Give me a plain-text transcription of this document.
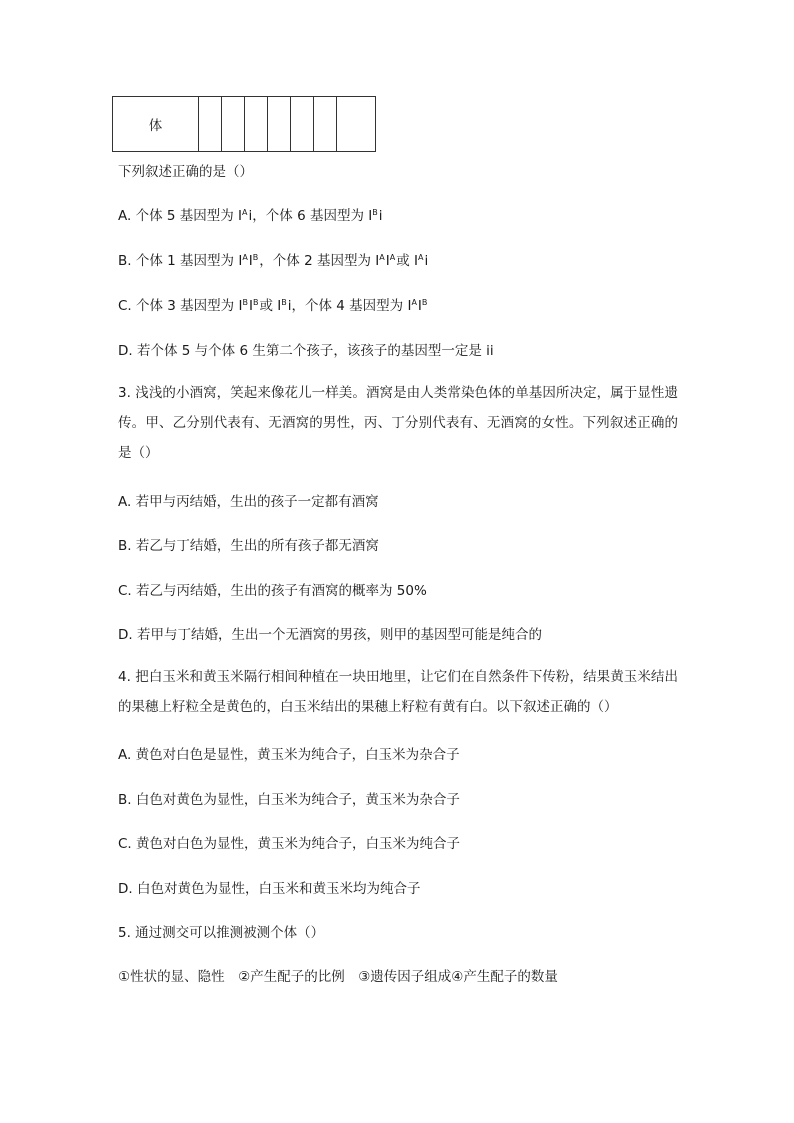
体							
下列叙述正确的是（）
A. 个体 5 基因型为 $I^Ai$，个体 6 基因型为 $I^Bi$
B. 个体 1 基因型为 $I^AI^B$，个体 2 基因型为 $I^AI^A$或 $I^Ai$
C. 个体 3 基因型为 $I^BI^B$或 $I^Bi$，个体 4 基因型为 $I^AI^B$
D. 若个体 5 与个体 6 生第二个孩子，该孩子的基因型一定是 ii
3. 浅浅的小酒窝，笑起来像花儿一样美。酒窝是由人类常染色体的单基因所决定，属于显性遗传。甲、乙分别代表有、无酒窝的男性，丙、丁分别代表有、无酒窝的女性。下列叙述正确的是（）
A. 若甲与丙结婚，生出的孩子一定都有酒窝
B. 若乙与丁结婚，生出的所有孩子都无酒窝
C. 若乙与丙结婚，生出的孩子有酒窝的概率为 50%
D. 若甲与丁结婚，生出一个无酒窝的男孩，则甲的基因型可能是纯合的
4. 把白玉米和黄玉米隔行相间种植在一块田地里，让它们在自然条件下传粉，结果黄玉米结出的果穗上籽粒全是黄色的，白玉米结出的果穗上籽粒有黄有白。以下叙述正确的（）
A. 黄色对白色是显性，黄玉米为纯合子，白玉米为杂合子
B. 白色对黄色为显性，白玉米为纯合子，黄玉米为杂合子
C. 黄色对白色为显性，黄玉米为纯合子，白玉米为纯合子
D. 白色对黄色为显性，白玉米和黄玉米均为纯合子
5. 通过测交可以推测被测个体（）
①性状的显、隐性　②产生配子的比例　③遗传因子组成④产生配子的数量
